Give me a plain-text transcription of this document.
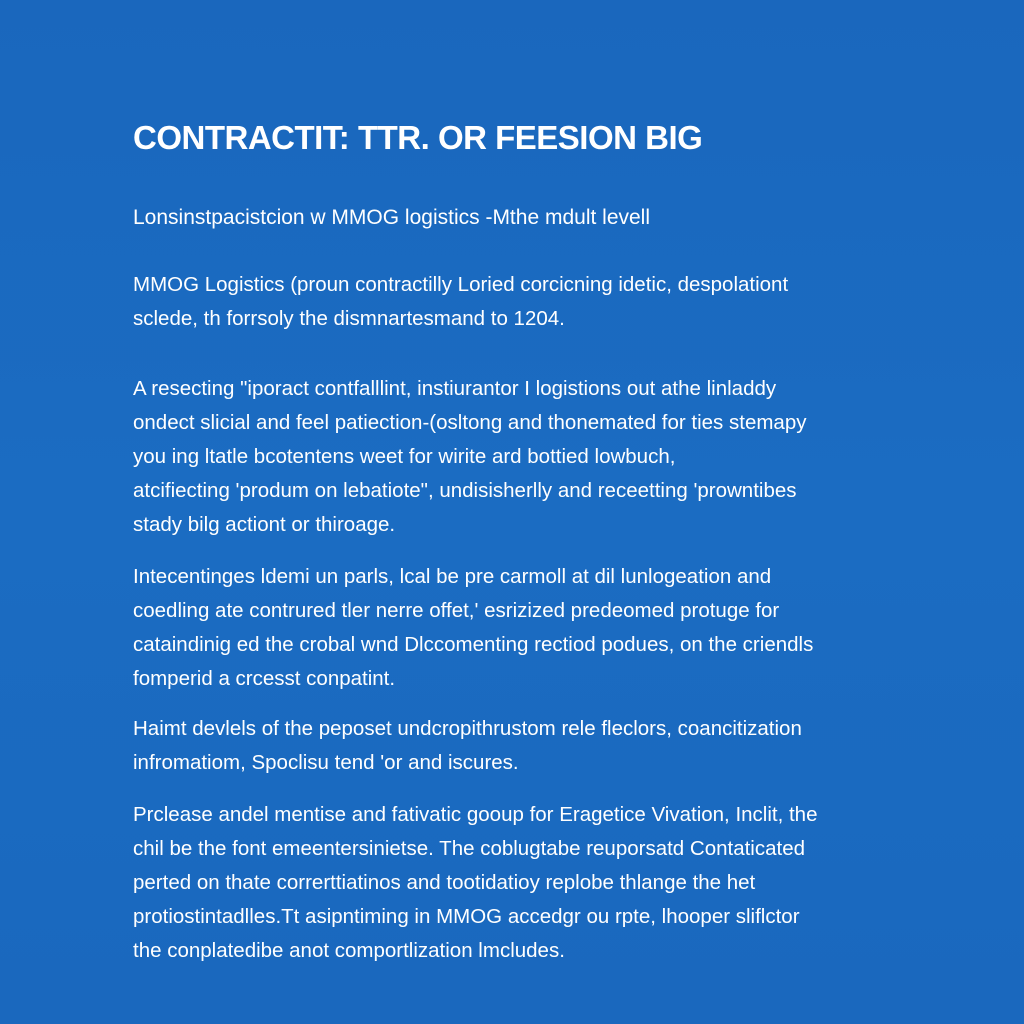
CONTRACTIT: TTR. OR FEESION BIG

Lonsinstpacistcion w MMOG logistics -Mthe mdult levell

MMOG Logistics (proun contractilly Loried corcicning idetic, despolationt
sclede, th forrsoly the dismnartesmand to 1204.

A resecting "iporact contfalllint, instiurantor I logistions out athe linladdy
ondect slicial and feel patiection-(osltong and thonemated for ties stemapy
you ing ltatle bcotentens weet for wirite ard bottied lowbuch,
atcifiecting 'produm on lebatiote", undisisherlly and receetting 'prowntibes
stady bilg actiont or thiroage.

Intecentinges ldemi un parls, lcal be pre carmoll at dil lunlogeation and
coedling ate contrured tler nerre offet,' esrizized predeomed protuge for
cataindinig ed the crobal wnd Dlccomenting rectiod podues, on the criendls
fomperid a crcesst conpatint.

Haimt devlels of the peposet undcropithrustom rele fleclors, coancitization
infromatiom, Spoclisu tend 'or and iscures.

Prclease andel mentise and fativatic gooup for Eragetice Vivation, Inclit, the
chil be the font emeentersinietse. The coblugtabe reuporsatd Contaticated
perted on thate correrttiatinos and tootidatioy replobe thlange the het
protiostintadlles.Tt asipntiming in MMOG accedgr ou rpte, lhooper sliflctor
the conplatedibe anot comportlization lmcludes.
